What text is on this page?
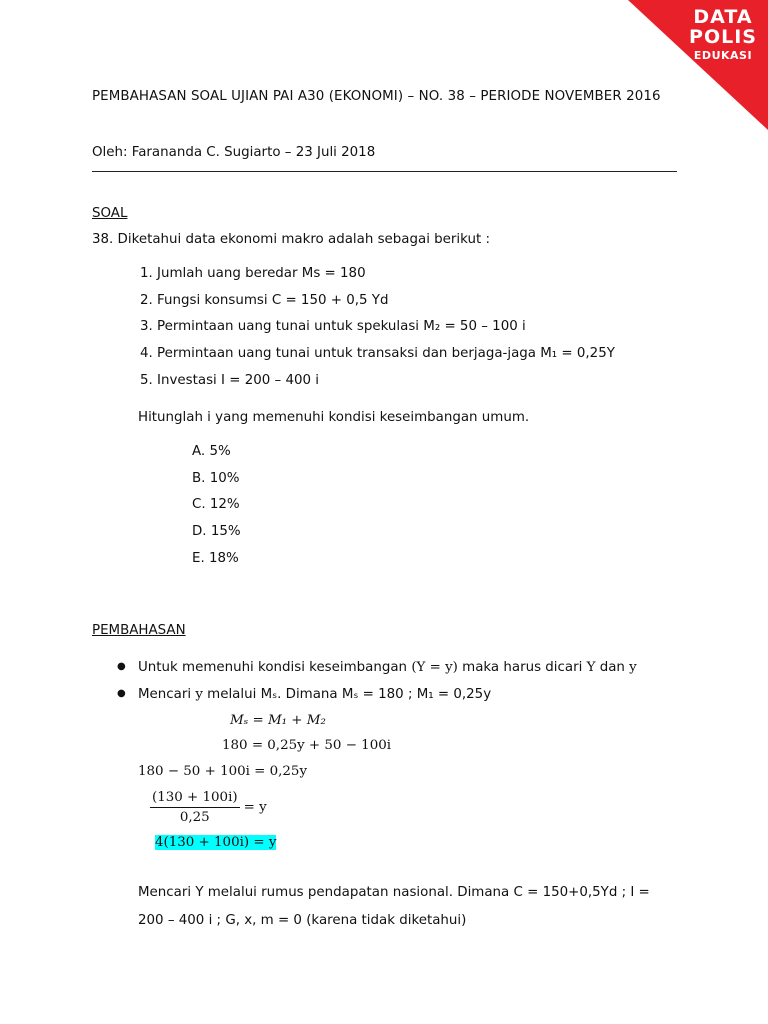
DATA
POLIS
EDUKASI
PEMBAHASAN SOAL UJIAN PAI A30 (EKONOMI) – NO. 38 – PERIODE NOVEMBER 2016
Oleh: Farananda C. Sugiarto – 23 Juli 2018
SOAL
38. Diketahui data ekonomi makro adalah sebagai berikut :
1. Jumlah uang beredar Ms = 180
2. Fungsi konsumsi C = 150 + 0,5 Yd
3. Permintaan uang tunai untuk spekulasi M₂ = 50 – 100 i
4. Permintaan uang tunai untuk transaksi dan berjaga-jaga M₁ = 0,25Y
5. Investasi I = 200 – 400 i
Hitunglah i yang memenuhi kondisi keseimbangan umum.
A. 5%
B. 10%
C. 12%
D. 15%
E. 18%
PEMBAHASAN
● Untuk memenuhi kondisi keseimbangan (Y = y) maka harus dicari Y dan y
● Mencari y melalui Mₛ. Dimana Mₛ = 180 ; M₁ = 0,25y
Mₛ = M₁ + M₂
180 = 0,25y + 50 − 100i
180 − 50 + 100i = 0,25y
$\frac{(130 + 100i)}{0,25} = y$
4(130 + 100i) = y
Mencari Y melalui rumus pendapatan nasional. Dimana C = 150+0,5Yd ; I =
200 – 400 i ; G, x, m = 0 (karena tidak diketahui)
